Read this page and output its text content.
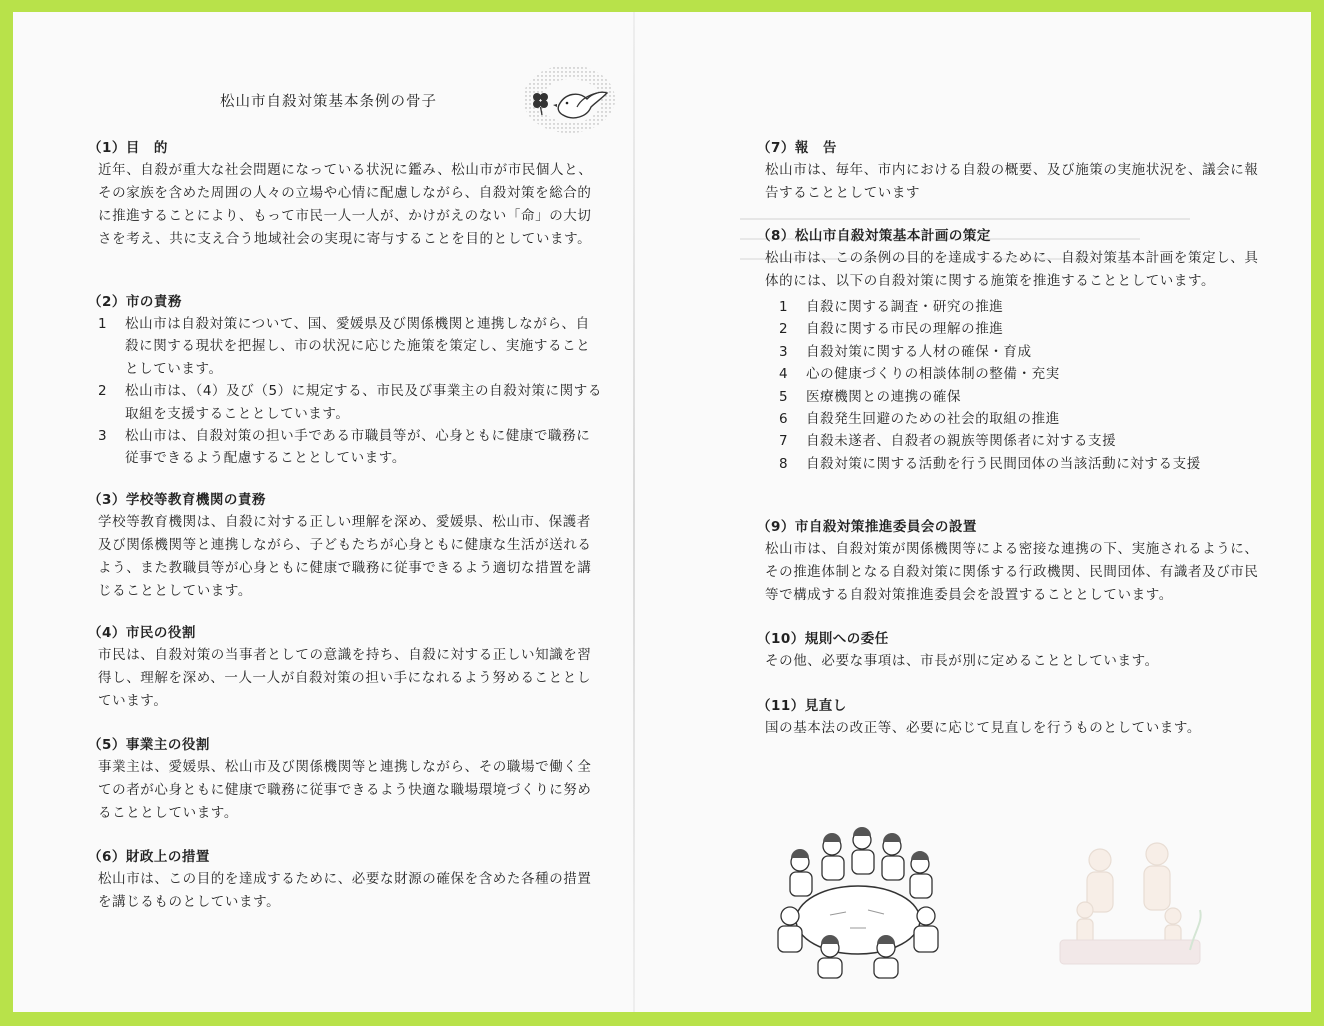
松山市自殺対策基本条例の骨子
（1）目　的

近年、自殺が重大な社会問題になっている状況に鑑み、松山市が市民個人と、その家族を含めた周囲の人々の立場や心情に配慮しながら、自殺対策を総合的に推進することにより、もって市民一人一人が、かけがえのない「命」の大切さを考え、共に支え合う地域社会の実現に寄与することを目的としています。

（2）市の責務
1	松山市は自殺対策について、国、愛媛県及び関係機関と連携しながら、自殺に関する現状を把握し、市の状況に応じた施策を策定し、実施することとしています。
2	松山市は、（4）及び（5）に規定する、市民及び事業主の自殺対策に関する取組を支援することとしています。
3	松山市は、自殺対策の担い手である市職員等が、心身ともに健康で職務に従事できるよう配慮することとしています。
（3）学校等教育機関の責務

学校等教育機関は、自殺に対する正しい理解を深め、愛媛県、松山市、保護者及び関係機関等と連携しながら、子どもたちが心身ともに健康な生活が送れるよう、また教職員等が心身ともに健康で職務に従事できるよう適切な措置を講じることとしています。

（4）市民の役割

市民は、自殺対策の当事者としての意識を持ち、自殺に対する正しい知識を習得し、理解を深め、一人一人が自殺対策の担い手になれるよう努めることとしています。

（5）事業主の役割

事業主は、愛媛県、松山市及び関係機関等と連携しながら、その職場で働く全ての者が心身ともに健康で職務に従事できるよう快適な職場環境づくりに努めることとしています。

（6）財政上の措置

松山市は、この目的を達成するために、必要な財源の確保を含めた各種の措置を講じるものとしています。

（7）報　告

松山市は、毎年、市内における自殺の概要、及び施策の実施状況を、議会に報告することとしています

（8）松山市自殺対策基本計画の策定

松山市は、この条例の目的を達成するために、自殺対策基本計画を策定し、具体的には、以下の自殺対策に関する施策を推進することとしています。

1	自殺に関する調査・研究の推進
2	自殺に関する市民の理解の推進
3	自殺対策に関する人材の確保・育成
4	心の健康づくりの相談体制の整備・充実
5	医療機関との連携の確保
6	自殺発生回避のための社会的取組の推進
7	自殺未遂者、自殺者の親族等関係者に対する支援
8	自殺対策に関する活動を行う民間団体の当該活動に対する支援
（9）市自殺対策推進委員会の設置

松山市は、自殺対策が関係機関等による密接な連携の下、実施されるように、その推進体制となる自殺対策に関係する行政機関、民間団体、有識者及び市民等で構成する自殺対策推進委員会を設置することとしています。

（10）規則への委任

その他、必要な事項は、市長が別に定めることとしています。

（11）見直し

国の基本法の改正等、必要に応じて見直しを行うものとしています。
